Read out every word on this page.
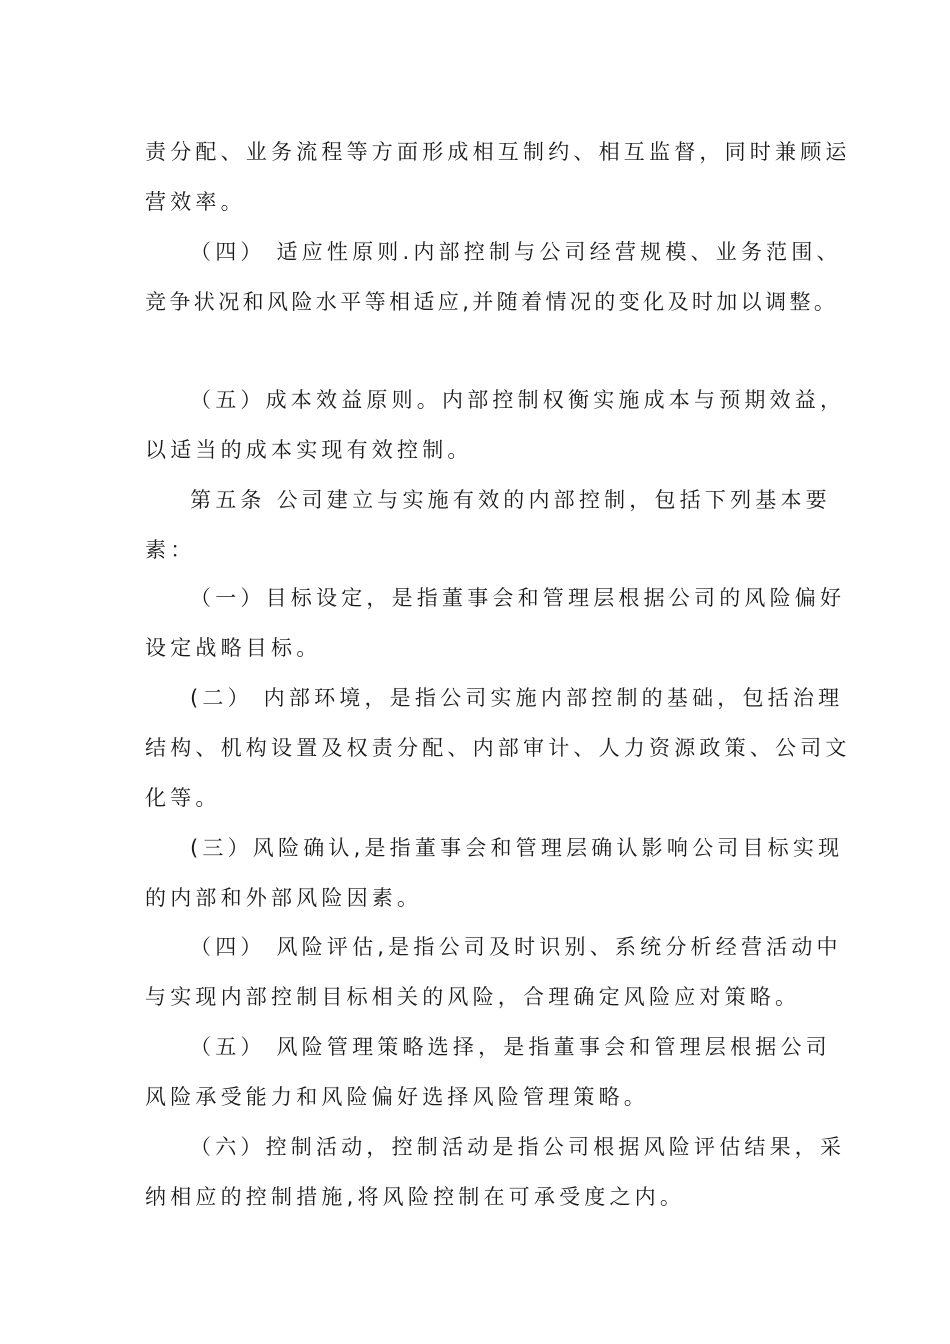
责分配、业务流程等方面形成相互制约、相互监督，同时兼顾运
营效率。
（四） 适应性原则.内部控制与公司经营规模、业务范围、
竞争状况和风险水平等相适应,并随着情况的变化及时加以调整。
（五）成本效益原则。内部控制权衡实施成本与预期效益，
以适当的成本实现有效控制。
第五条 公司建立与实施有效的内部控制，包括下列基本要
素：
（一）目标设定，是指董事会和管理层根据公司的风险偏好
设定战略目标。
(二） 内部环境，是指公司实施内部控制的基础，包括治理
结构、机构设置及权责分配、内部审计、人力资源政策、公司文
化等。
(三）风险确认,是指董事会和管理层确认影响公司目标实现
的内部和外部风险因素。
（四） 风险评估,是指公司及时识别、系统分析经营活动中
与实现内部控制目标相关的风险，合理确定风险应对策略。
（五） 风险管理策略选择，是指董事会和管理层根据公司
风险承受能力和风险偏好选择风险管理策略。
（六）控制活动，控制活动是指公司根据风险评估结果，采
纳相应的控制措施,将风险控制在可承受度之内。
